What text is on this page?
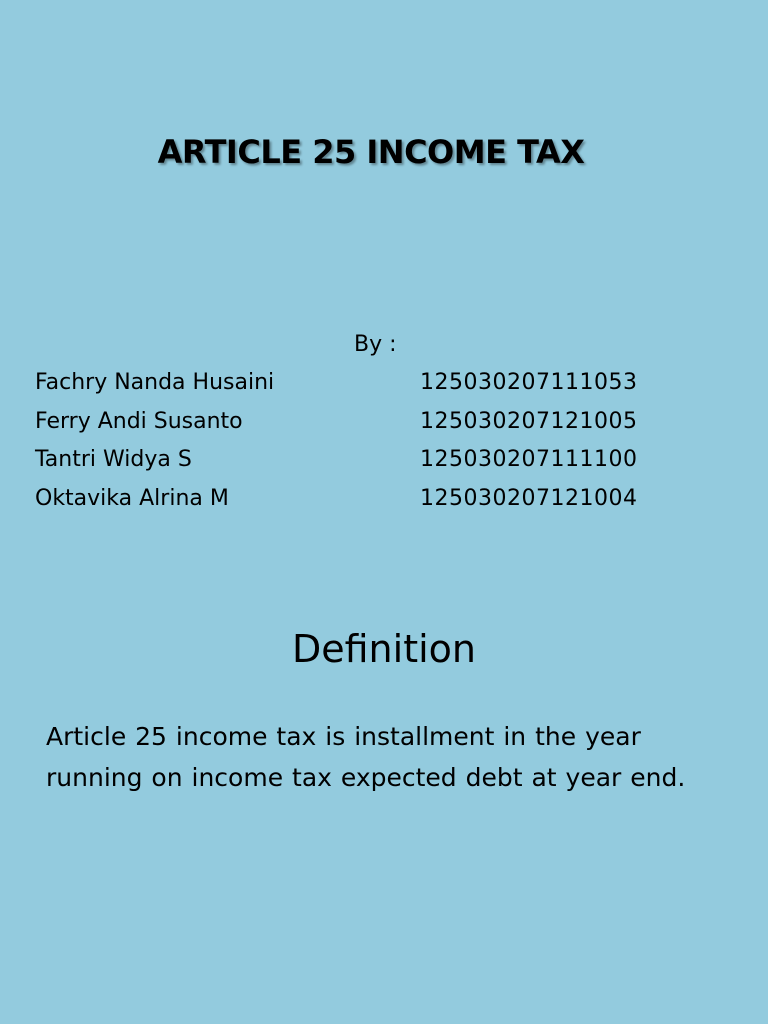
ARTICLE 25 INCOME TAX
By :
Fachry Nanda Husaini	125030207111053
Ferry Andi Susanto	125030207121005
Tantri Widya S	125030207111100
Oktavika Alrina M	125030207121004
Definition

Article 25 income tax is installment in the year running on income tax expected debt at year end.
